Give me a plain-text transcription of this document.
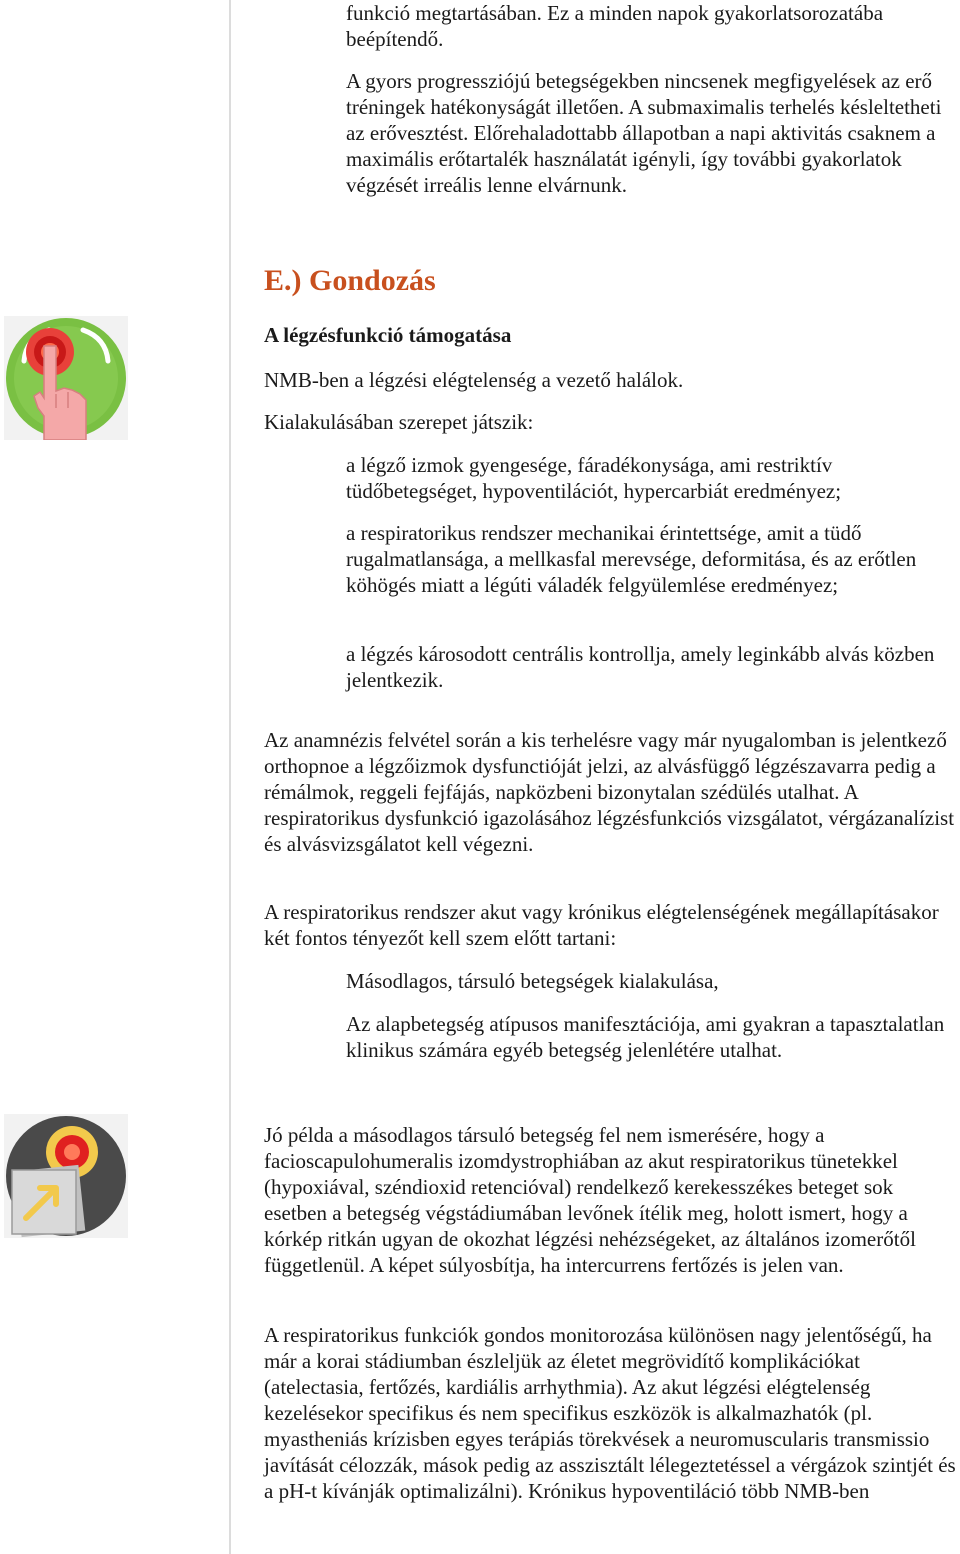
funkció megtartásában. Ez a minden napok gyakorlatsorozatába beépítendő.

A gyors progressziójú betegségekben nincsenek megfigyelések az erő tréningek hatékonyságát illetően. A submaximalis terhelés késleltetheti az erővesztést. Előrehaladottabb állapotban a napi aktivitás csaknem a maximális erőtartalék használatát igényli, így további gyakorlatok végzését irreális lenne elvárnunk.

E.) Gondozás
A légzésfunkció támogatása

NMB-ben a légzési elégtelenség a vezető halálok.

Kialakulásában szerepet játszik:

a légző izmok gyengesége, fáradékonysága, ami restriktív tüdőbetegséget, hypoventilációt, hypercarbiát eredményez;

a respiratorikus rendszer mechanikai érintettsége, amit a tüdő rugalmatlansága, a mellkasfal merevsége, deformitása, és az erőtlen köhögés miatt a légúti váladék felgyülemlése eredményez;

a légzés károsodott centrális kontrollja, amely leginkább alvás közben jelentkezik.

Az anamnézis felvétel során a kis terhelésre vagy már nyugalomban is jelentkező orthopnoe a légzőizmok dysfunctióját jelzi, az alvásfüggő légzészavarra pedig a rémálmok, reggeli fejfájás, napközbeni bizonytalan szédülés utalhat. A respiratorikus dysfunkció igazolásához légzésfunkciós vizsgálatot, vérgázanalízist és alvásvizsgálatot kell végezni.

A respiratorikus rendszer akut vagy krónikus elégtelenségének megállapításakor két fontos tényezőt kell szem előtt tartani:

Másodlagos, társuló betegségek kialakulása,

Az alapbetegség atípusos manifesztációja, ami gyakran a tapasztalatlan klinikus számára egyéb betegség jelenlétére utalhat.

Jó példa a másodlagos társuló betegség fel nem ismerésére, hogy a facioscapulohumeralis izomdystrophiában az akut respiratorikus tünetekkel (hypoxiával, széndioxid retencióval) rendelkező kerekesszékes beteget sok esetben a betegség végstádiumában levőnek ítélik meg, holott ismert, hogy a kórkép ritkán ugyan de okozhat légzési nehézségeket, az általános izomerőtől függetlenül. A képet súlyosbítja, ha intercurrens fertőzés is jelen van.

A respiratorikus funkciók gondos monitorozása különösen nagy jelentőségű, ha már a korai stádiumban észleljük az életet megrövidítő komplikációkat (atelectasia, fertőzés, kardiális arrhythmia). Az akut légzési elégtelenség kezelésekor specifikus és nem specifikus eszközök is alkalmazhatók (pl. myastheniás krízisben egyes terápiás törekvések a neuromuscularis transmissio javítását célozzák, mások pedig az asszisztált lélegeztetéssel a vérgázok szintjét és a pH-t kívánják optimalizálni). Krónikus hypoventiláció több NMB-ben
